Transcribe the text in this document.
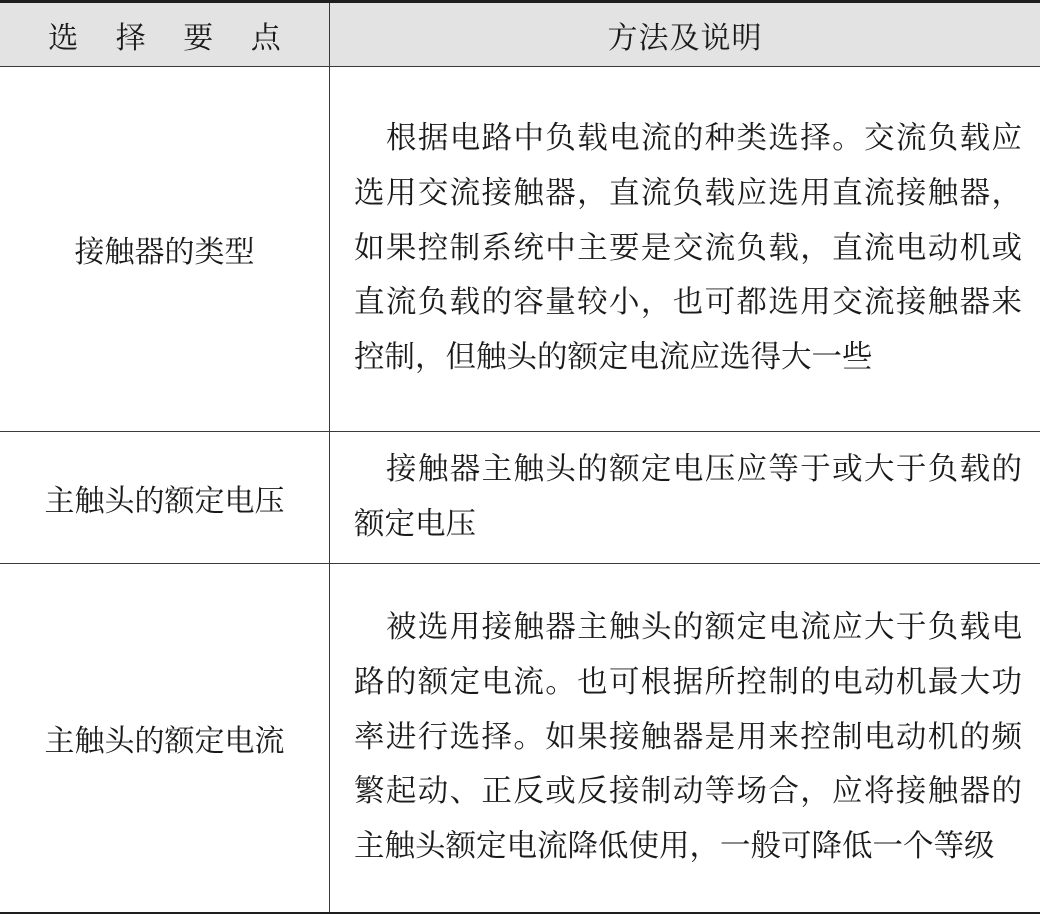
选 择 要 点	方法及说明
接触器的类型
根据电路中负载电流的种类选择。交流负载应选用交流接触器，直流负载应选用直流接触器，如果控制系统中主要是交流负载，直流电动机或直流负载的容量较小，也可都选用交流接触器来控制，但触头的额定电流应选得大一些
主触头的额定电压
接触器主触头的额定电压应等于或大于负载的额定电压
主触头的额定电流
被选用接触器主触头的额定电流应大于负载电路的额定电流。也可根据所控制的电动机最大功率进行选择。如果接触器是用来控制电动机的频繁起动、正反或反接制动等场合，应将接触器的主触头额定电流降低使用，一般可降低一个等级
